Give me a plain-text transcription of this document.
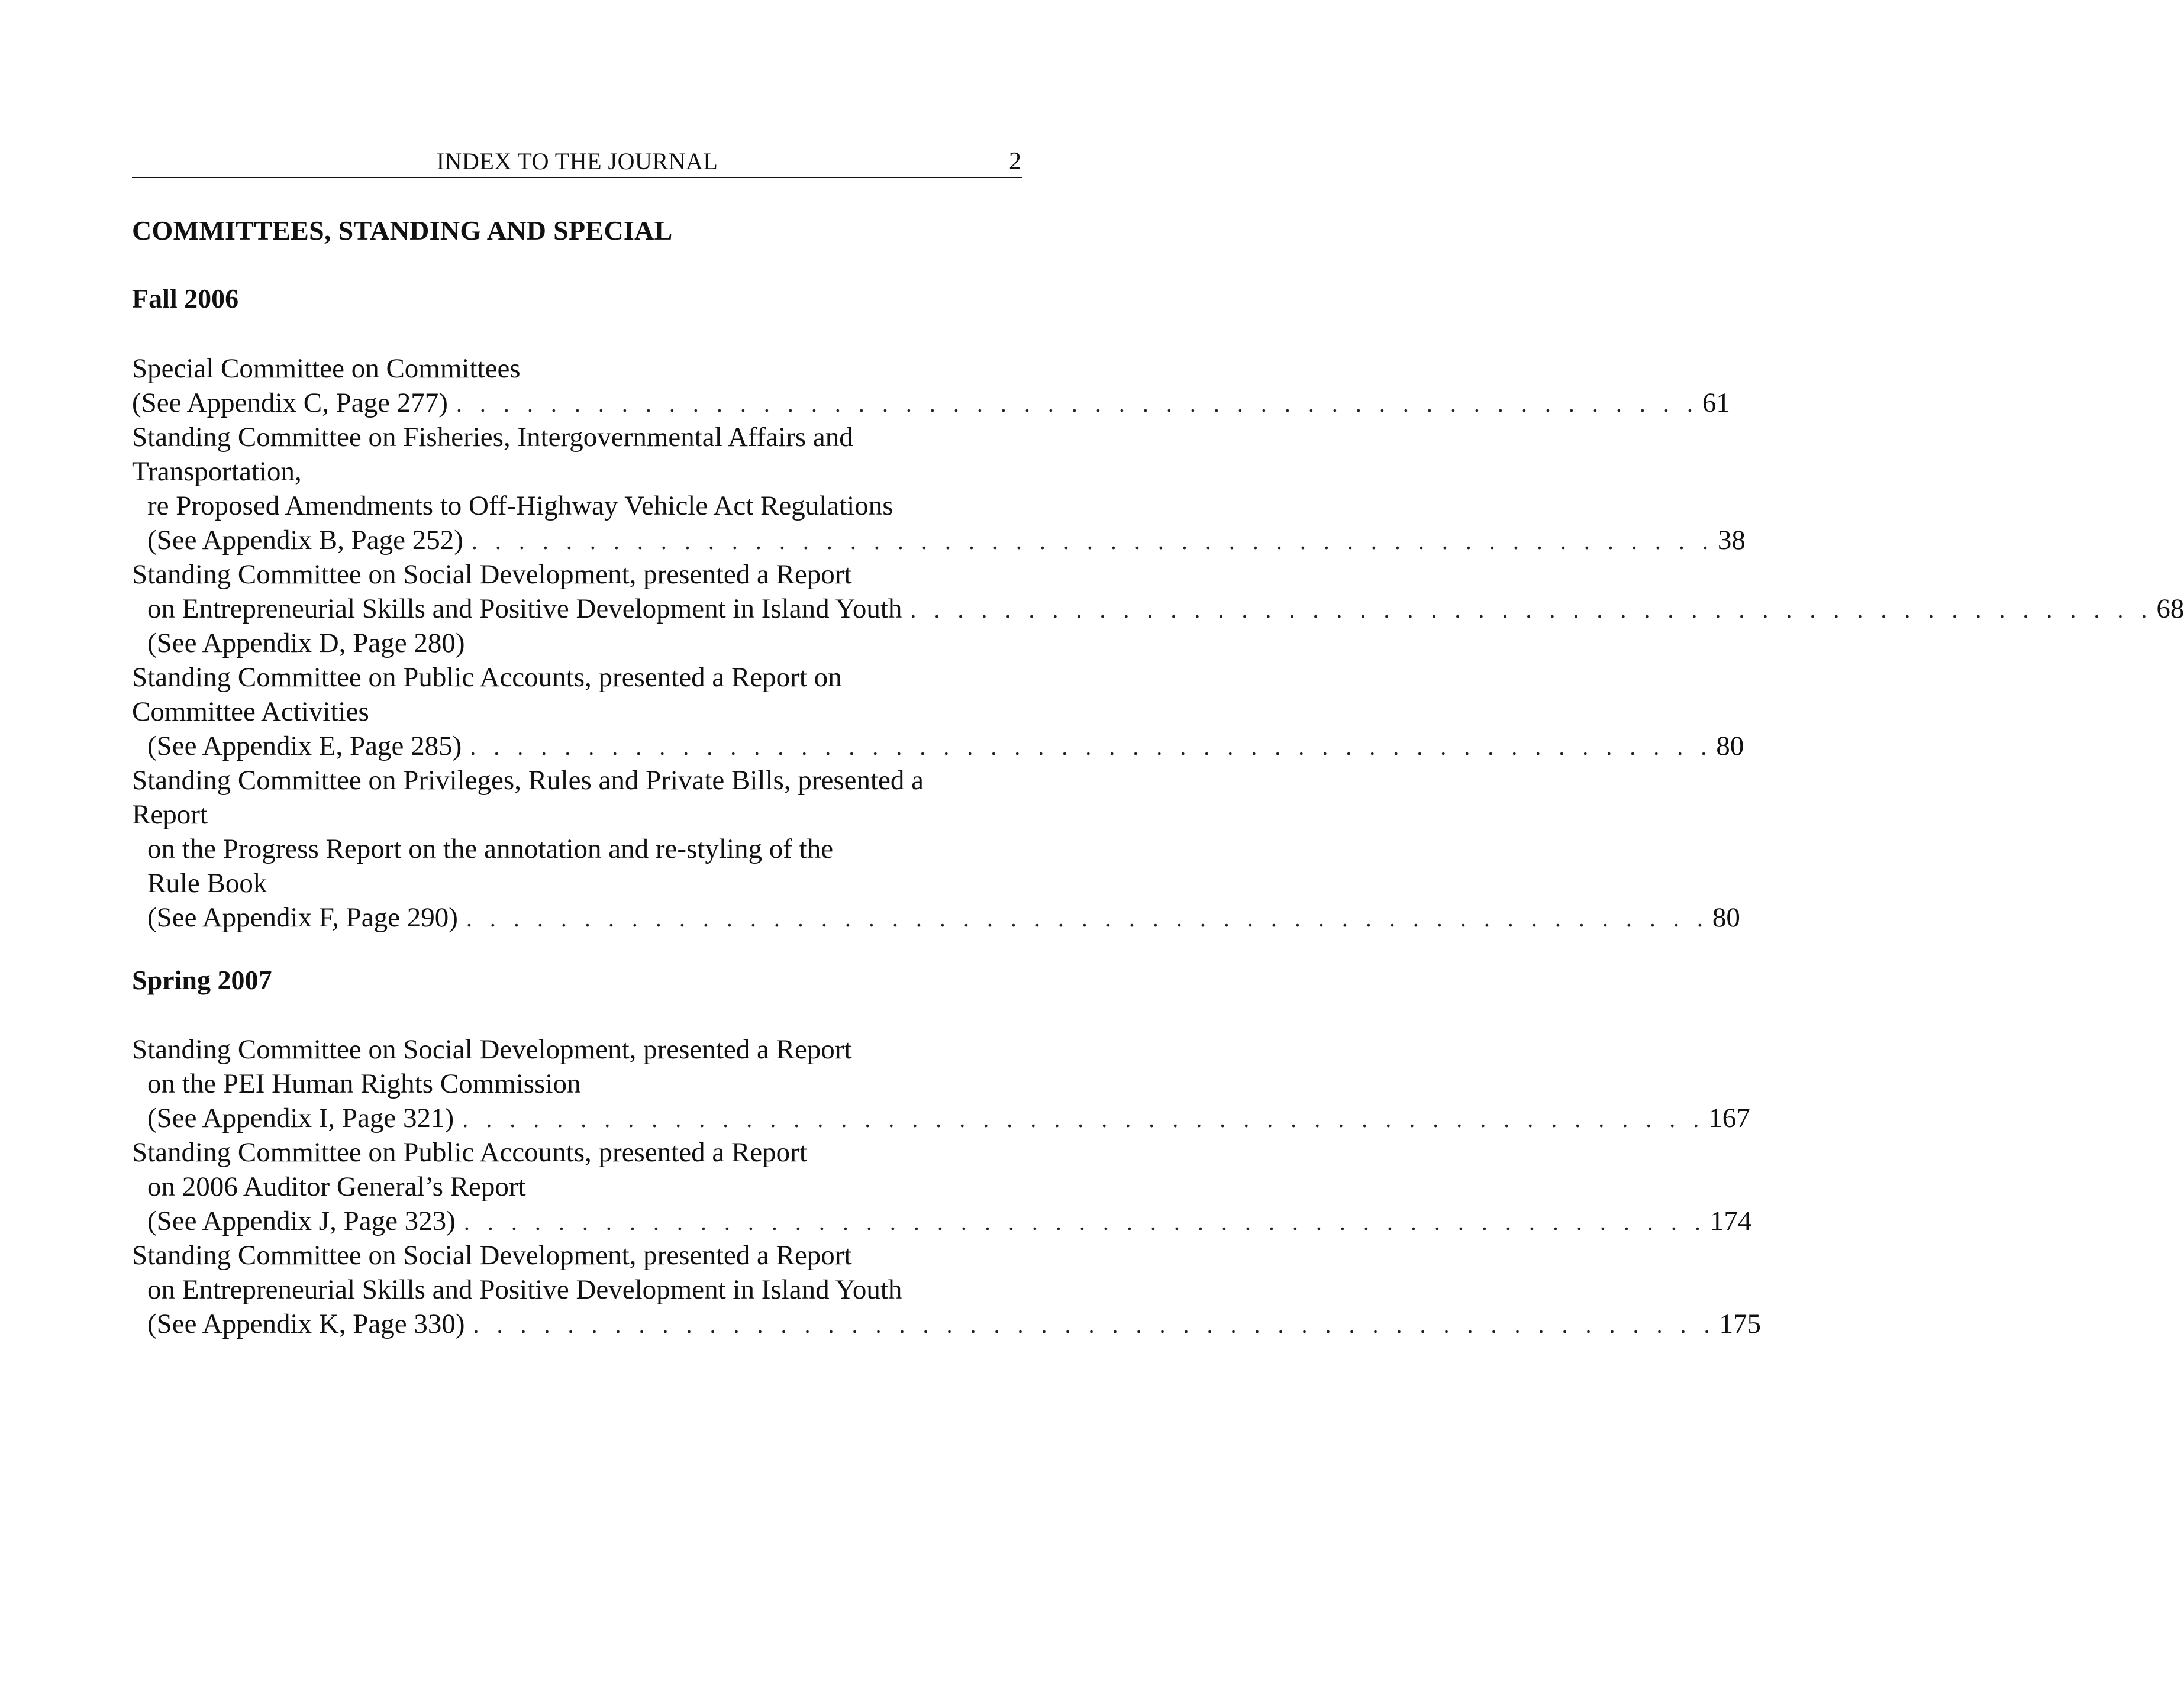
INDEX TO THE JOURNAL	2
COMMITTEES, STANDING AND SPECIAL
Fall 2006
Special Committee on Committees
(See Appendix C, Page 277) . . . . . . . . . . . . . . . . . . . . . . . . . . . . . . . . . . . . . . . . . . . . . . . . . . . . . 61
Standing Committee on Fisheries, Intergovernmental Affairs and
Transportation,
re Proposed Amendments to Off-Highway Vehicle Act Regulations
(See Appendix B, Page 252) . . . . . . . . . . . . . . . . . . . . . . . . . . . . . . . . . . . . . . . . . . . . . . . . . . . . . 38
Standing Committee on Social Development, presented a Report
on Entrepreneurial Skills and Positive Development in Island Youth . . . . . . . . . . . . . . . . . . . . . . . . . . . . . . . . . . . . . . . . . . . . . . . . . . . . . 68
(See Appendix D, Page 280)
Standing Committee on Public Accounts, presented a Report on
Committee Activities
(See Appendix E, Page 285) . . . . . . . . . . . . . . . . . . . . . . . . . . . . . . . . . . . . . . . . . . . . . . . . . . . . . 80
Standing Committee on Privileges, Rules and Private Bills, presented a
Report
on the Progress Report on the annotation and re-styling of the
Rule Book
(See Appendix F, Page 290) . . . . . . . . . . . . . . . . . . . . . . . . . . . . . . . . . . . . . . . . . . . . . . . . . . . . . 80
Spring 2007
Standing Committee on Social Development, presented a Report
on the PEI Human Rights Commission
(See Appendix I, Page 321) . . . . . . . . . . . . . . . . . . . . . . . . . . . . . . . . . . . . . . . . . . . . . . . . . . . . . 167
Standing Committee on Public Accounts, presented a Report
on 2006 Auditor General’s Report
(See Appendix J, Page 323) . . . . . . . . . . . . . . . . . . . . . . . . . . . . . . . . . . . . . . . . . . . . . . . . . . . . . 174
Standing Committee on Social Development, presented a Report
on Entrepreneurial Skills and Positive Development in Island Youth
(See Appendix K, Page 330) . . . . . . . . . . . . . . . . . . . . . . . . . . . . . . . . . . . . . . . . . . . . . . . . . . . . . 175
